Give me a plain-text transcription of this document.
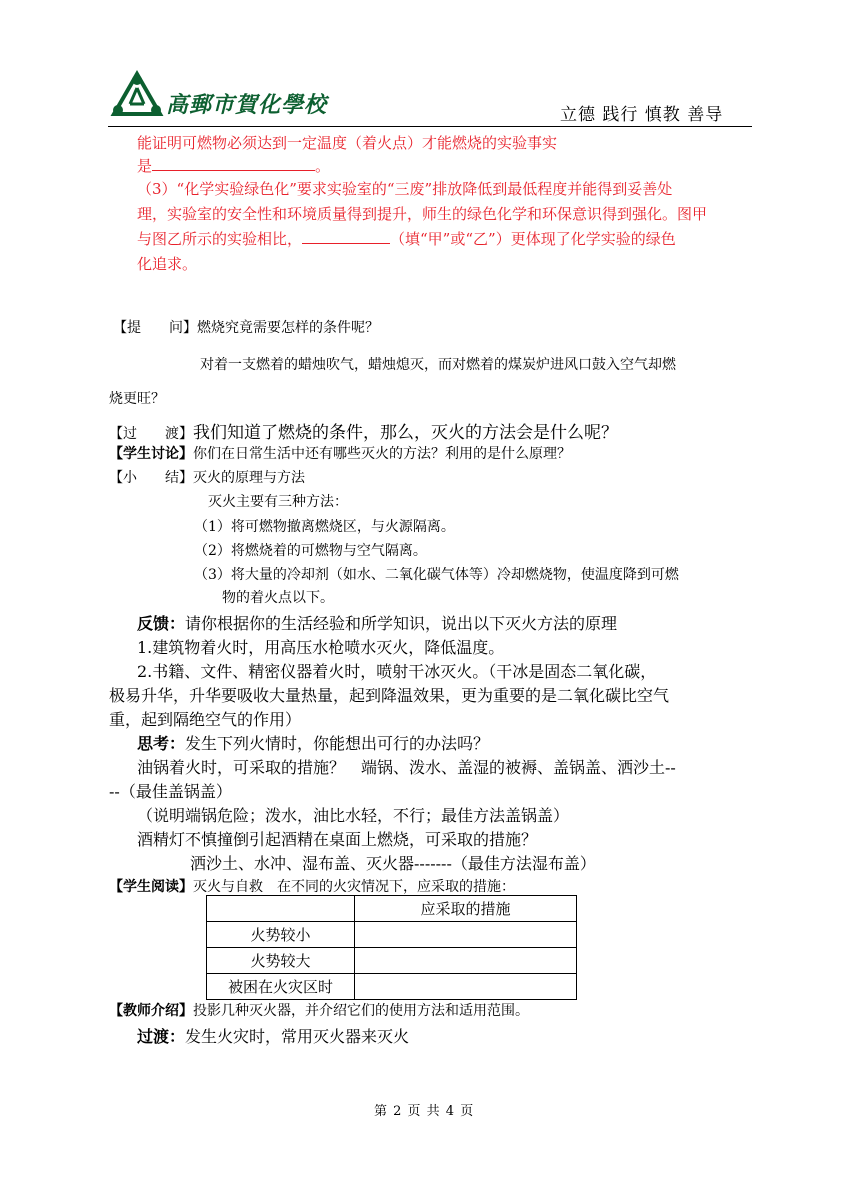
高郵市賀化學校	立德 践行 慎教 善导
能证明可燃物必须达到一定温度（着火点）才能燃烧的实验事实
是	。
（3）“化学实验绿色化”要求实验室的“三废”排放降低到最低程度并能得到妥善处
理，实验室的安全性和环境质量得到提升，师生的绿色化学和环保意识得到强化。图甲
与图乙所示的实验相比，	（填“甲”或“乙”）更体现了化学实验的绿色
化追求。
【提　　问】燃烧究竟需要怎样的条件呢？
对着一支燃着的蜡烛吹气，蜡烛熄灭，而对燃着的煤炭炉进风口鼓入空气却燃
烧更旺？
【过　　渡】我们知道了燃烧的条件，那么，灭火的方法会是什么呢？
【学生讨论】你们在日常生活中还有哪些灭火的方法？利用的是什么原理？
【小　　结】灭火的原理与方法
灭火主要有三种方法：
（1）将可燃物撤离燃烧区，与火源隔离。
（2）将燃烧着的可燃物与空气隔离。
（3）将大量的冷却剂（如水、二氧化碳气体等）冷却燃烧物，使温度降到可燃
物的着火点以下。
反馈：请你根据你的生活经验和所学知识，说出以下灭火方法的原理
1.建筑物着火时，用高压水枪喷水灭火，降低温度。
2.书籍、文件、精密仪器着火时，喷射干冰灭火。（干冰是固态二氧化碳，
极易升华，升华要吸收大量热量，起到降温效果，更为重要的是二氧化碳比空气
重，起到隔绝空气的作用）
思考：发生下列火情时，你能想出可行的办法吗？
油锅着火时，可采取的措施？　端锅、泼水、盖湿的被褥、盖锅盖、洒沙土--
--（最佳盖锅盖）
（说明端锅危险；泼水，油比水轻，不行；最佳方法盖锅盖）
酒精灯不慎撞倒引起酒精在桌面上燃烧，可采取的措施？
洒沙土、水冲、湿布盖、灭火器-------（最佳方法湿布盖）
【学生阅读】灭火与自救　在不同的火灾情况下，应采取的措施：
	应采取的措施
火势较小	
火势较大	
被困在火灾区时	
【教师介绍】投影几种灭火器，并介绍它们的使用方法和适用范围。
过渡：发生火灾时，常用灭火器来灭火
第 2 页 共 4 页
